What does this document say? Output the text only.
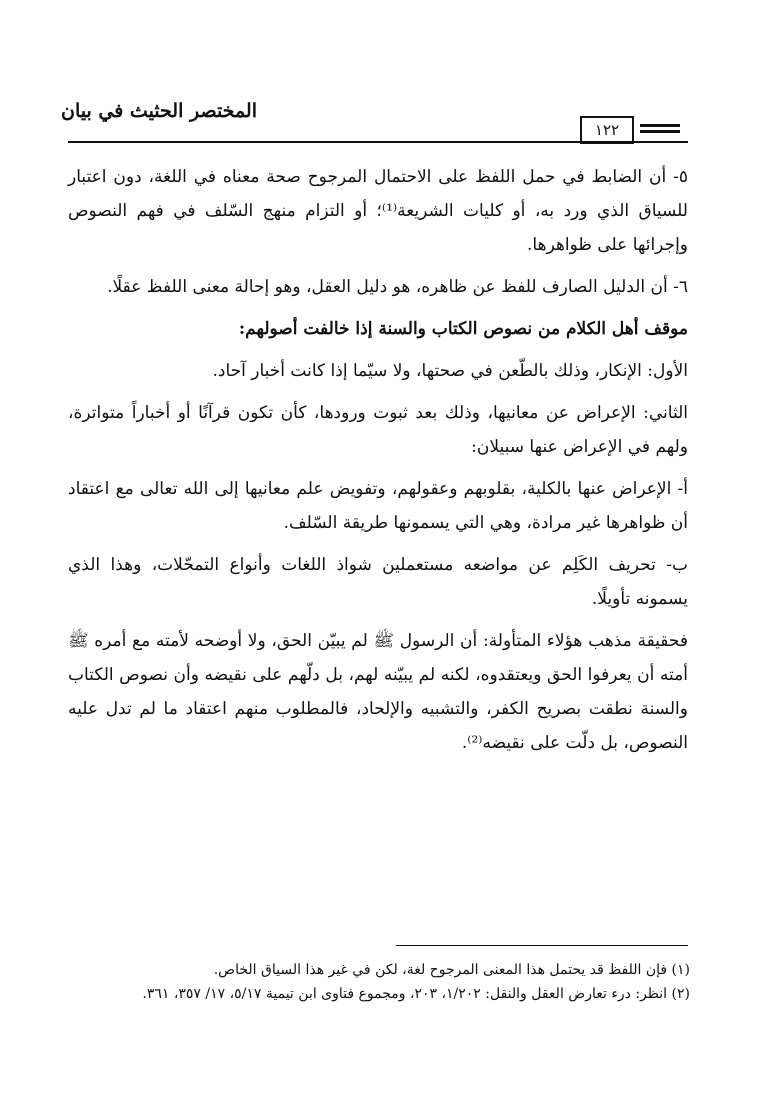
المختصر الحثيث في بيان
١٢٢

٥- أن الضابط في حمل اللفظ على الاحتمال المرجوح صحة معناه في اللغة، دون اعتبار للسياق الذي ورد به، أو كليات الشريعة⁽¹⁾؛ أو التزام منهج السّلف في فهم النصوص وإجرائها على ظواهرها.

٦- أن الدليل الصارف للفظ عن ظاهره، هو دليل العقل، وهو إحالة معنى اللفظ عقلًا.

موقف أهل الكلام من نصوص الكتاب والسنة إذا خالفت أصولهم:

الأول: الإنكار، وذلك بالطّعن في صحتها، ولا سيّما إذا كانت أخبار آحاد.

الثاني: الإعراض عن معانيها، وذلك بعد ثبوت ورودها، كأن تكون قرآنًا أو أخباراً متواترة، ولهم في الإعراض عنها سبيلان:

أ- الإعراض عنها بالكلية، بقلوبهم وعقولهم، وتفويض علم معانيها إلى الله تعالى مع اعتقاد أن ظواهرها غير مرادة، وهي التي يسمونها طريقة السّلف.

ب- تحريف الكَلِم عن مواضعه مستعملين شواذ اللغات وأنواع التمحّلات، وهذا الذي يسمونه تأويلًا.

فحقيقة مذهب هؤلاء المتأولة: أن الرسول ﷺ لم يبيّن الحق، ولا أوضحه لأمته مع أمره ﷺ أمته أن يعرفوا الحق ويعتقدوه، لكنه لم يبيّنه لهم، بل دلّهم على نقيضه وأن نصوص الكتاب والسنة نطقت بصريح الكفر، والتشبيه والإلحاد، فالمطلوب منهم اعتقاد ما لم تدل عليه النصوص، بل دلّت على نقيضه⁽²⁾.

(١) فإن اللفظ قد يحتمل هذا المعنى المرجوح لغة، لكن في غير هذا السياق الخاص.

(٢) انظر: درء تعارض العقل والنقل: ١/٢٠٢، ٢٠٣، ومجموع فتاوى ابن تيمية ٥/١٧، ١٧/ ٣٥٧، ٣٦١.
